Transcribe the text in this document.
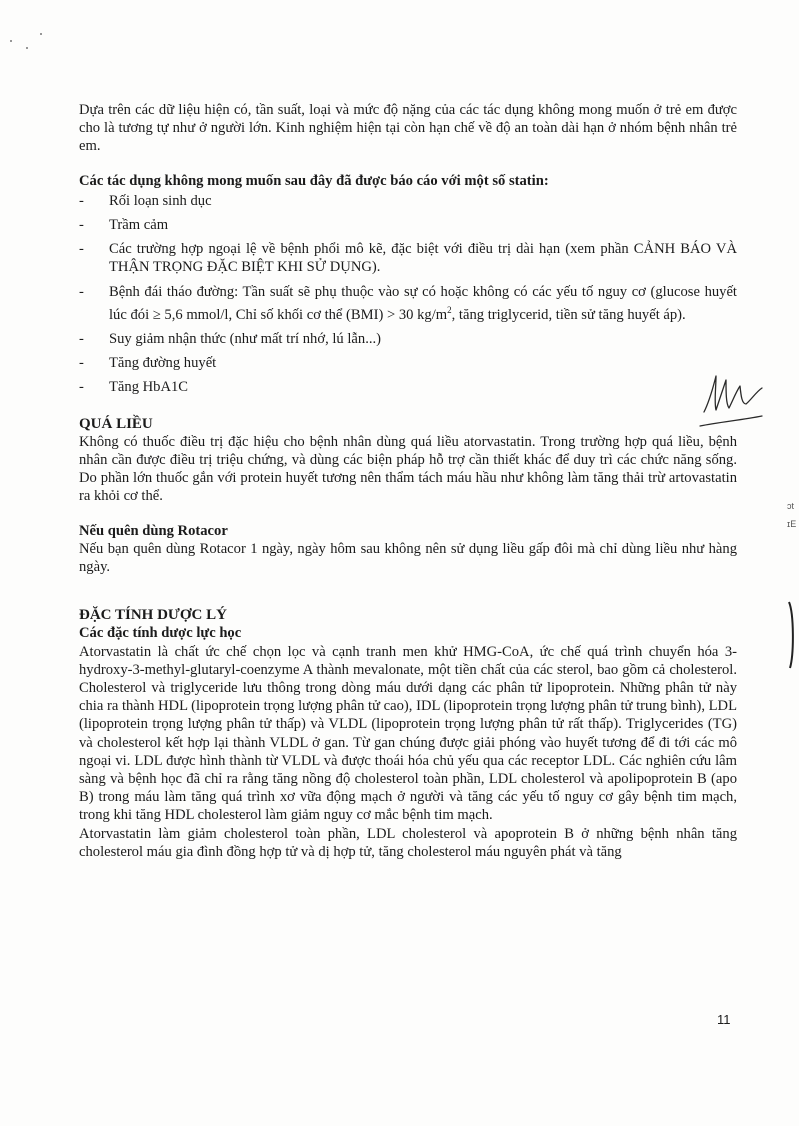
Dựa trên các dữ liệu hiện có, tần suất, loại và mức độ nặng của các tác dụng không mong muốn ở trẻ em được cho là tương tự như ở người lớn. Kinh nghiệm hiện tại còn hạn chế về độ an toàn dài hạn ở nhóm bệnh nhân trẻ em.

Các tác dụng không mong muốn sau đây đã được báo cáo với một số statin:

- Rối loạn sinh dục
- Trầm cảm
- Các trường hợp ngoại lệ về bệnh phổi mô kẽ, đặc biệt với điều trị dài hạn (xem phần CẢNH BÁO VÀ THẬN TRỌNG ĐẶC BIỆT KHI SỬ DỤNG).
- Bệnh đái tháo đường: Tần suất sẽ phụ thuộc vào sự có hoặc không có các yếu tố nguy cơ (glucose huyết lúc đói ≥ 5,6 mmol/l, Chỉ số khối cơ thể (BMI) > 30 $kg/m^2$, tăng triglycerid, tiền sử tăng huyết áp).
- Suy giảm nhận thức (như mất trí nhớ, lú lẫn...)
- Tăng đường huyết
- Tăng HbA1C

QUÁ LIỀU

Không có thuốc điều trị đặc hiệu cho bệnh nhân dùng quá liều atorvastatin. Trong trường hợp quá liều, bệnh nhân cần được điều trị triệu chứng, và dùng các biện pháp hỗ trợ cần thiết khác để duy trì các chức năng sống. Do phần lớn thuốc gắn với protein huyết tương nên thẩm tách máu hầu như không làm tăng thải trừ artovastatin ra khỏi cơ thể.

Nếu quên dùng Rotacor

Nếu bạn quên dùng Rotacor 1 ngày, ngày hôm sau không nên sử dụng liều gấp đôi mà chỉ dùng liều như hàng ngày.

ĐẶC TÍNH DƯỢC LÝ

Các đặc tính dược lực học

Atorvastatin là chất ức chế chọn lọc và cạnh tranh men khử HMG-CoA, ức chế quá trình chuyển hóa 3-hydroxy-3-methyl-glutaryl-coenzyme A thành mevalonate, một tiền chất của các sterol, bao gồm cả cholesterol. Cholesterol và triglyceride lưu thông trong dòng máu dưới dạng các phân tử lipoprotein. Những phân tử này chia ra thành HDL (lipoprotein trọng lượng phân tử cao), IDL (lipoprotein trọng lượng phân tử trung bình), LDL (lipoprotein trọng lượng phân tử thấp) và VLDL (lipoprotein trọng lượng phân tử rất thấp). Triglycerides (TG) và cholesterol kết hợp lại thành VLDL ở gan. Từ gan chúng được giải phóng vào huyết tương để đi tới các mô ngoại vi. LDL được hình thành từ VLDL và được thoái hóa chủ yếu qua các receptor LDL. Các nghiên cứu lâm sàng và bệnh học đã chỉ ra rằng tăng nồng độ cholesterol toàn phần, LDL cholesterol và apolipoprotein B (apo B) trong máu làm tăng quá trình xơ vữa động mạch ở người và tăng các yếu tố nguy cơ gây bệnh tim mạch, trong khi tăng HDL cholesterol làm giảm nguy cơ mắc bệnh tim mạch.

Atorvastatin làm giảm cholesterol toàn phần, LDL cholesterol và apoprotein B ở những bệnh nhân tăng cholesterol máu gia đình đồng hợp tử và dị hợp tử, tăng cholesterol máu nguyên phát và tăng

ɔt
ɪE
11
